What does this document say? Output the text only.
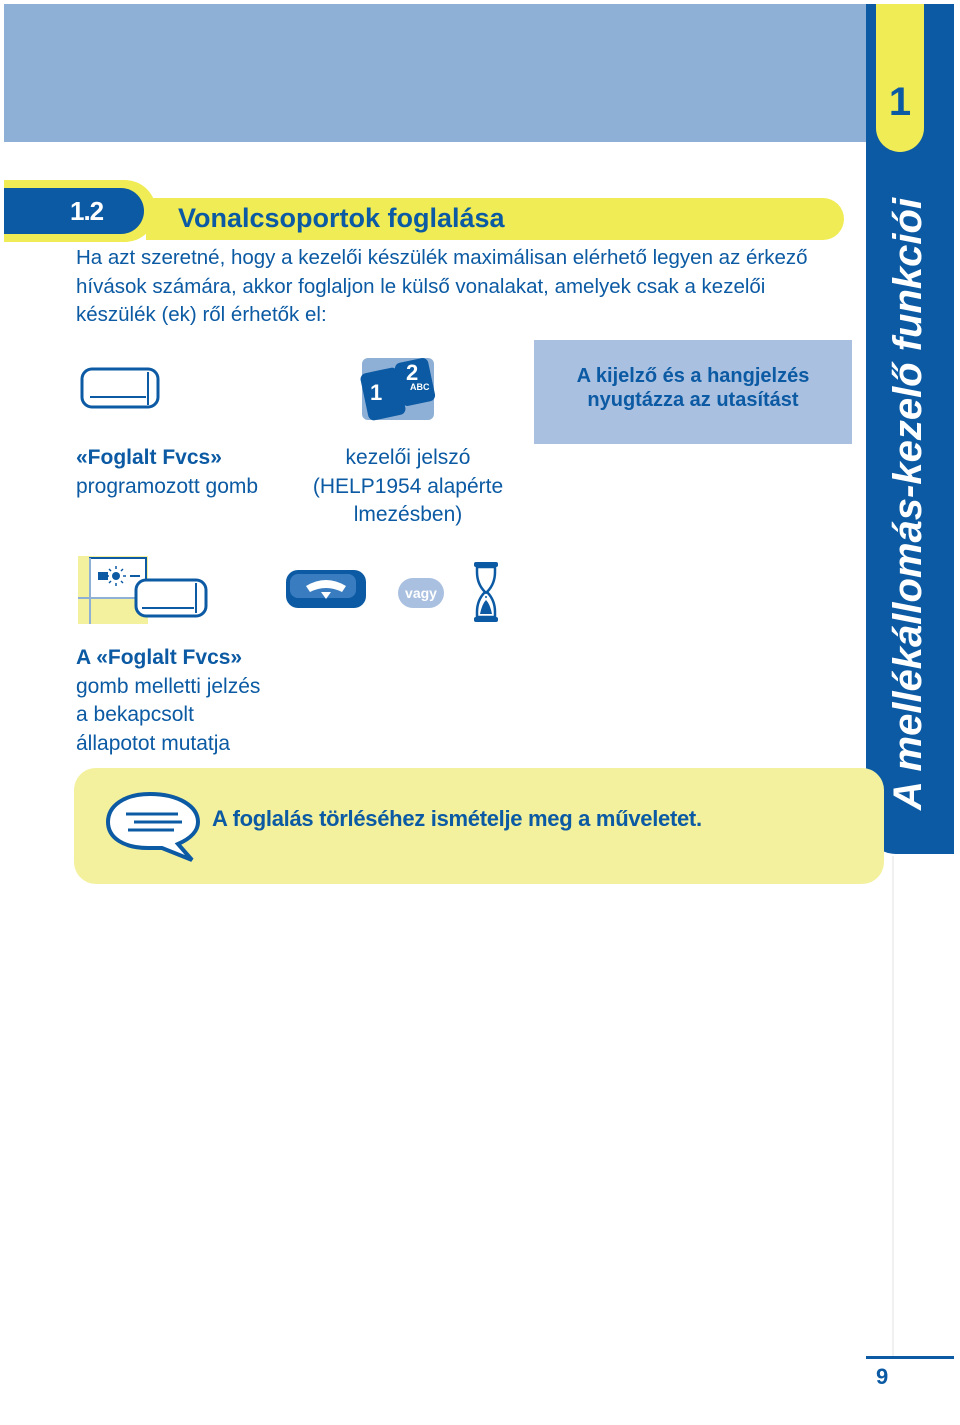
1
A mellékállomás-kezelő funkciói
1.2	Vonalcsoportok foglalása
Ha azt szeretné, hogy a kezelői készülék maximálisan elérhető legyen az érkező
hívások számára, akkor foglaljon le külső vonalakat, amelyek csak a kezelői
készülék (ek) ről érhetők el:
«Foglalt Fvcs»
programozott gomb
1
2
ABC
kezelői jelszó
(HELP1954 alapérte
lmezésben)
A kijelző és a hangjelzés
nyugtázza az utasítást
A «Foglalt Fvcs»
gomb melletti jelzés
a bekapcsolt
állapotot mutatja
vagy
A foglalás törléséhez ismételje meg a műveletet.
9
